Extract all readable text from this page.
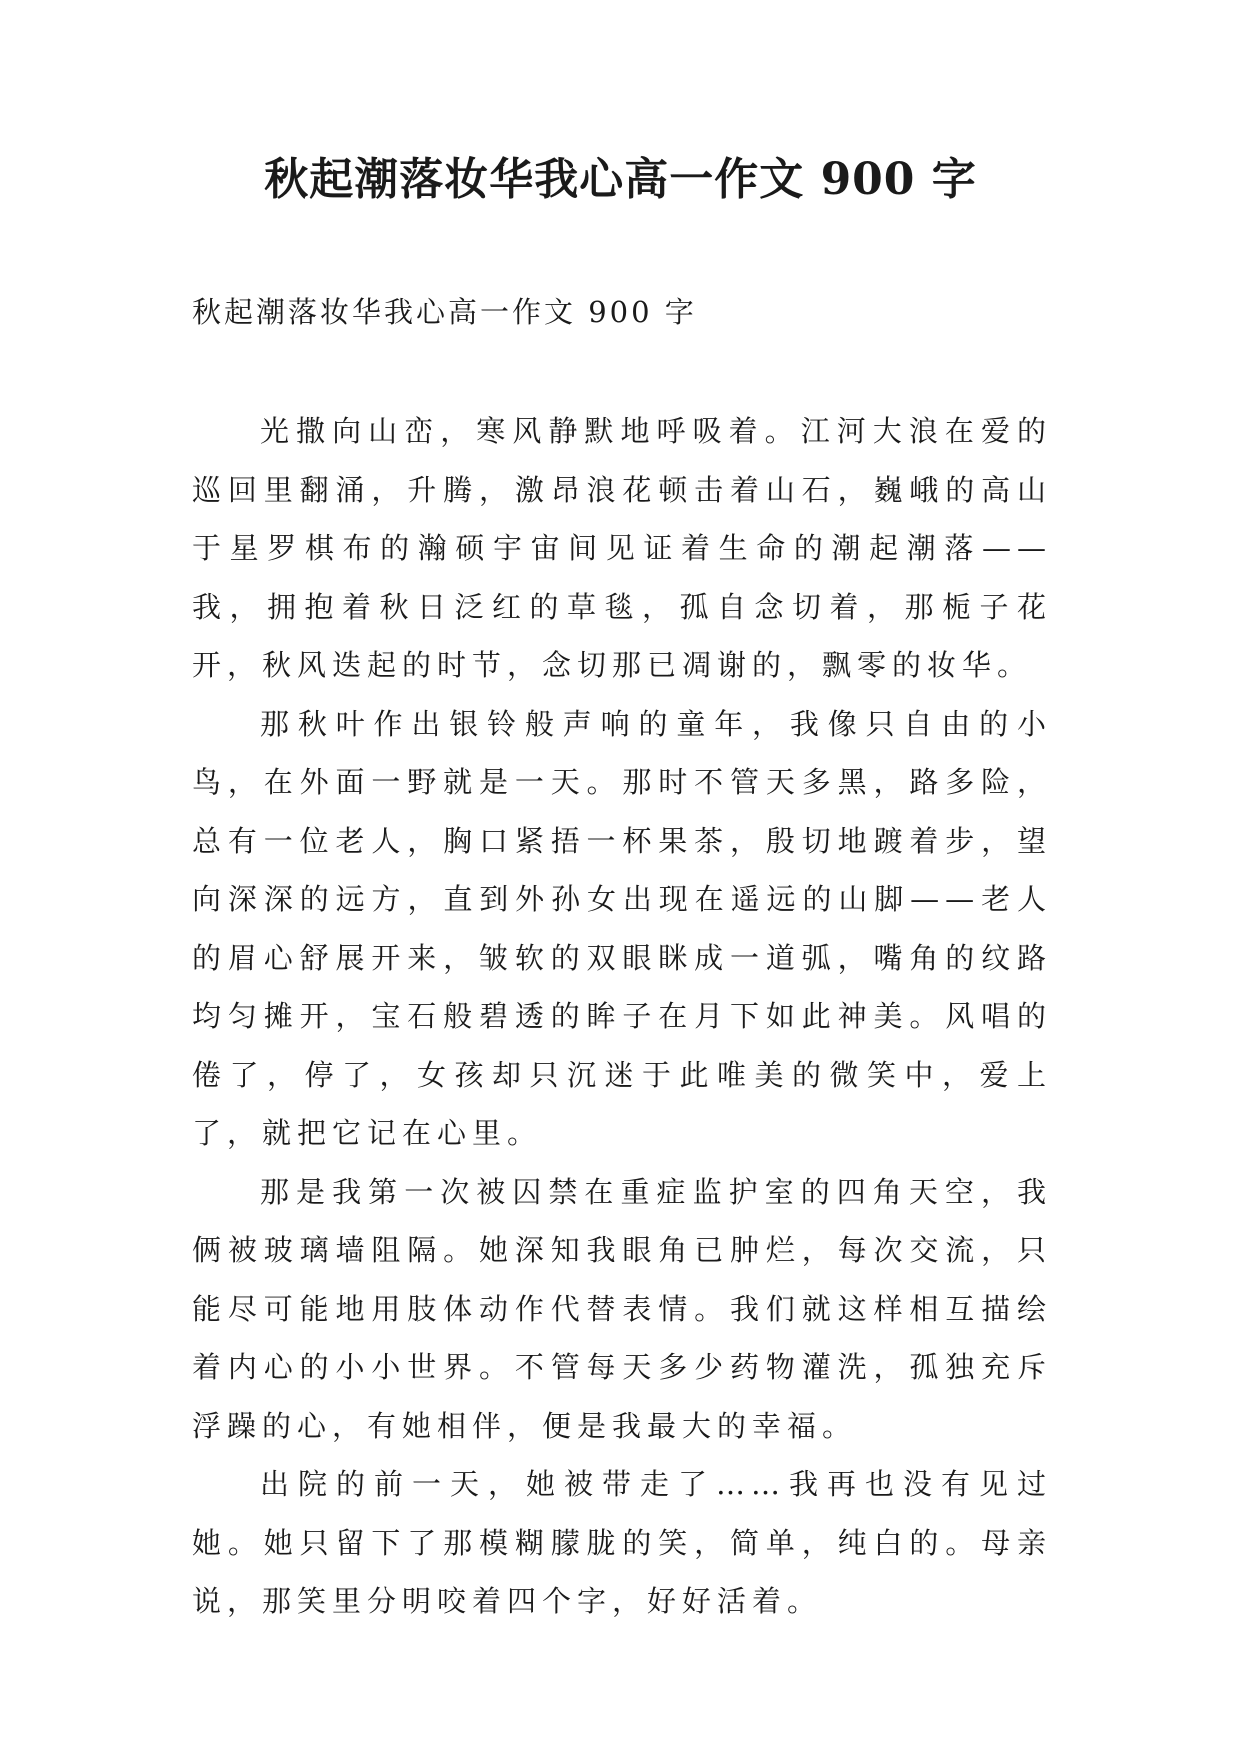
秋起潮落妆华我心高一作文 900 字

秋起潮落妆华我心高一作文 900 字

光撒向山峦，寒风静默地呼吸着。江河大浪在爱的巡回里翻涌，升腾，激昂浪花顿击着山石，巍峨的高山于星罗棋布的瀚硕宇宙间见证着生命的潮起潮落——我，拥抱着秋日泛红的草毯，孤自念切着，那栀子花开，秋风迭起的时节，念切那已凋谢的，飘零的妆华。

那秋叶作出银铃般声响的童年，我像只自由的小鸟，在外面一野就是一天。那时不管天多黑，路多险，总有一位老人，胸口紧捂一杯果茶，殷切地踱着步，望向深深的远方，直到外孙女出现在遥远的山脚——老人的眉心舒展开来，皱软的双眼眯成一道弧，嘴角的纹路均匀摊开，宝石般碧透的眸子在月下如此神美。风唱的倦了，停了，女孩却只沉迷于此唯美的微笑中，爱上了，就把它记在心里。

那是我第一次被囚禁在重症监护室的四角天空，我俩被玻璃墙阻隔。她深知我眼角已肿烂，每次交流，只能尽可能地用肢体动作代替表情。我们就这样相互描绘着内心的小小世界。不管每天多少药物灌洗，孤独充斥浮躁的心，有她相伴，便是我最大的幸福。

出院的前一天，她被带走了……我再也没有见过她。她只留下了那模糊朦胧的笑，简单，纯白的。母亲说，那笑里分明咬着四个字，好好活着。
